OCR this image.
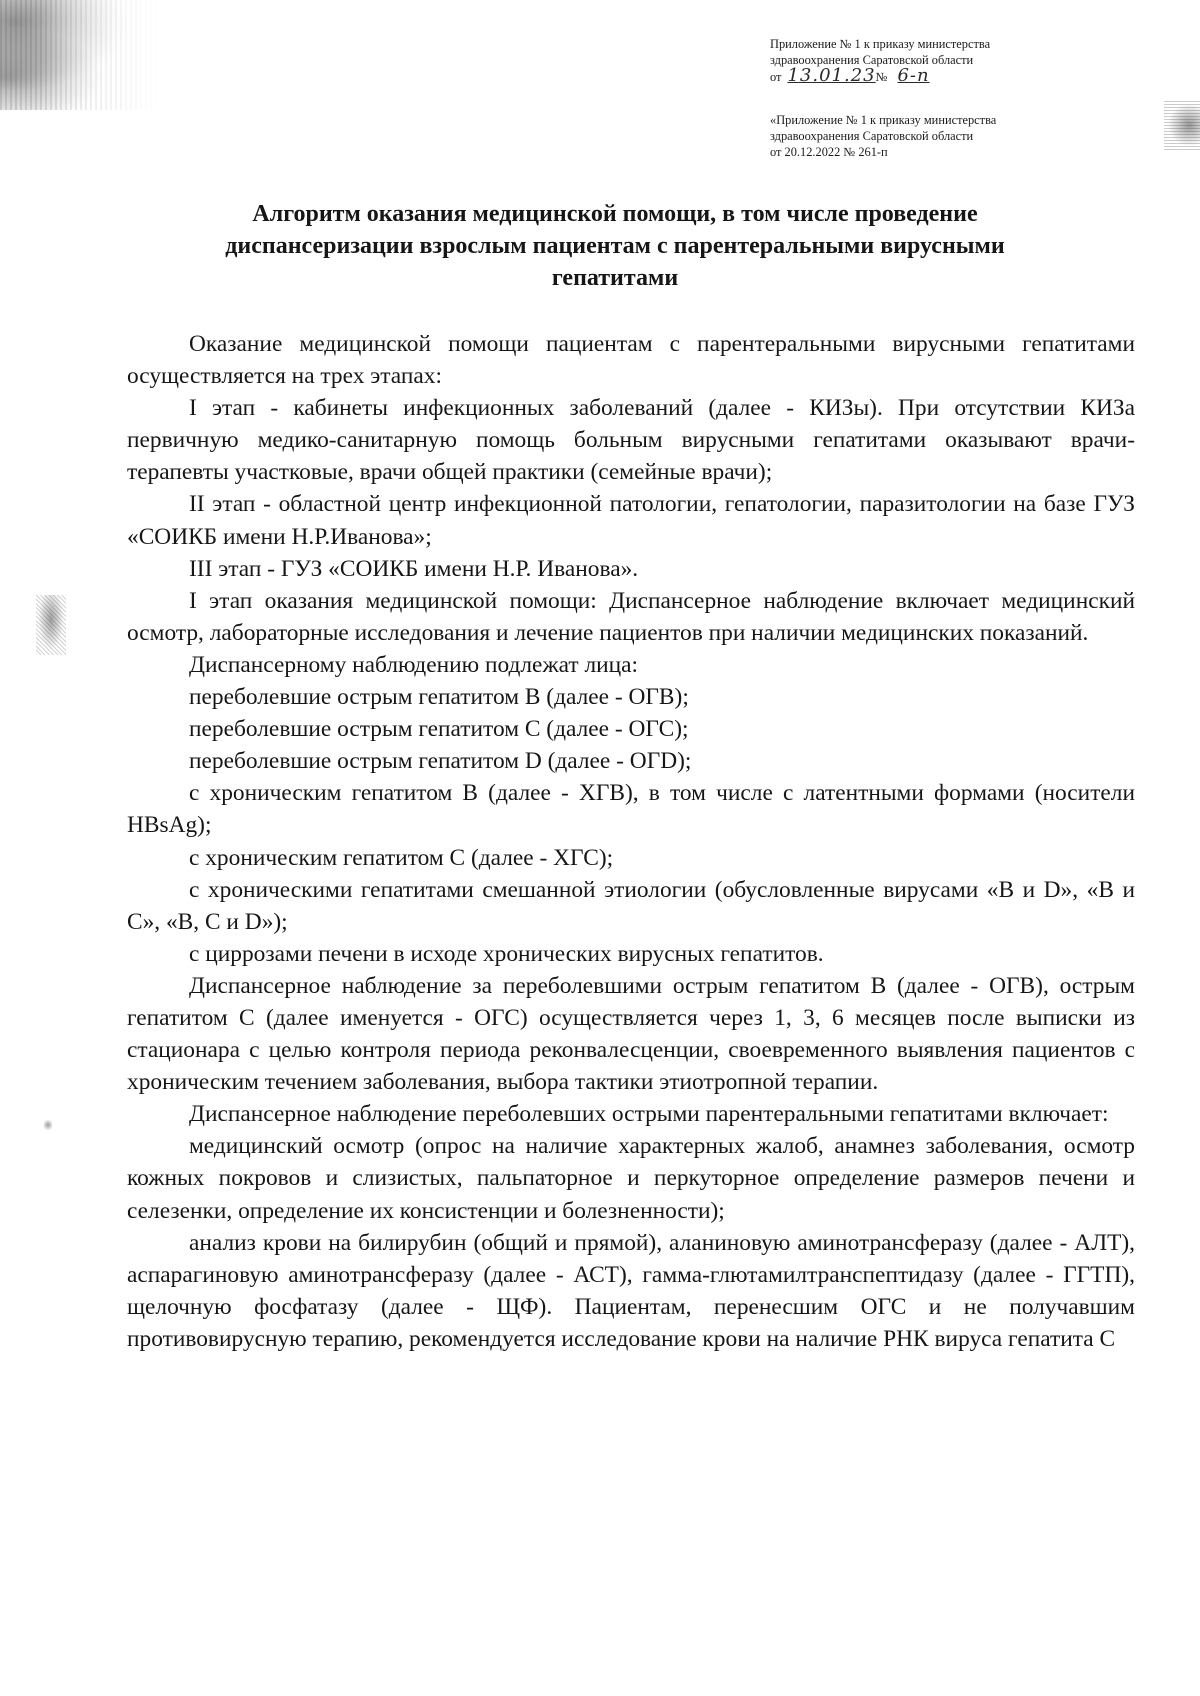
Приложение № 1 к приказу министерства
здравоохранения Саратовской области
от 13.01.23№ 6-п
«Приложение № 1 к приказу министерства
здравоохранения Саратовской области
от 20.12.2022 № 261-п
Алгоритм оказания медицинской помощи, в том числе проведение
диспансеризации взрослым пациентам с парентеральными вирусными
гепатитами

Оказание медицинской помощи пациентам с парентеральными вирусными гепатитами осуществляется на трех этапах:

I этап - кабинеты инфекционных заболеваний (далее - КИЗы). При отсутствии КИЗа первичную медико-санитарную помощь больным вирусными гепатитами оказывают врачи-терапевты участковые, врачи общей практики (семейные врачи);

II этап - областной центр инфекционной патологии, гепатологии, паразитологии на базе ГУЗ «СОИКБ имени Н.Р.Иванова»;

III этап - ГУЗ «СОИКБ имени Н.Р. Иванова».

I этап оказания медицинской помощи: Диспансерное наблюдение включает медицинский осмотр, лабораторные исследования и лечение пациентов при наличии медицинских показаний.

Диспансерному наблюдению подлежат лица:

переболевшие острым гепатитом В (далее - ОГВ);

переболевшие острым гепатитом С (далее - ОГС);

переболевшие острым гепатитом D (далее - ОГD);

с хроническим гепатитом В (далее - ХГВ), в том числе с латентными формами (носители HBsAg);

с хроническим гепатитом С (далее - ХГС);

с хроническими гепатитами смешанной этиологии (обусловленные вирусами «В и D», «В и С», «В, С и D»);

с циррозами печени в исходе хронических вирусных гепатитов.

Диспансерное наблюдение за переболевшими острым гепатитом В (далее - ОГВ), острым гепатитом С (далее именуется - ОГС) осуществляется через 1, 3, 6 месяцев после выписки из стационара с целью контроля периода реконвалесценции, своевременного выявления пациентов с хроническим течением заболевания, выбора тактики этиотропной терапии.

Диспансерное наблюдение переболевших острыми парентеральными гепатитами включает:

медицинский осмотр (опрос на наличие характерных жалоб, анамнез заболевания, осмотр кожных покровов и слизистых, пальпаторное и перкуторное определение размеров печени и селезенки, определение их консистенции и болезненности);

анализ крови на билирубин (общий и прямой), аланиновую аминотрансферазу (далее - АЛТ), аспарагиновую аминотрансферазу (далее - АСТ), гамма-глютамилтранспептидазу (далее - ГГТП), щелочную фосфатазу (далее - ЩФ). Пациентам, перенесшим ОГС и не получавшим противовирусную терапию, рекомендуется исследование крови на наличие РНК вируса гепатита С
